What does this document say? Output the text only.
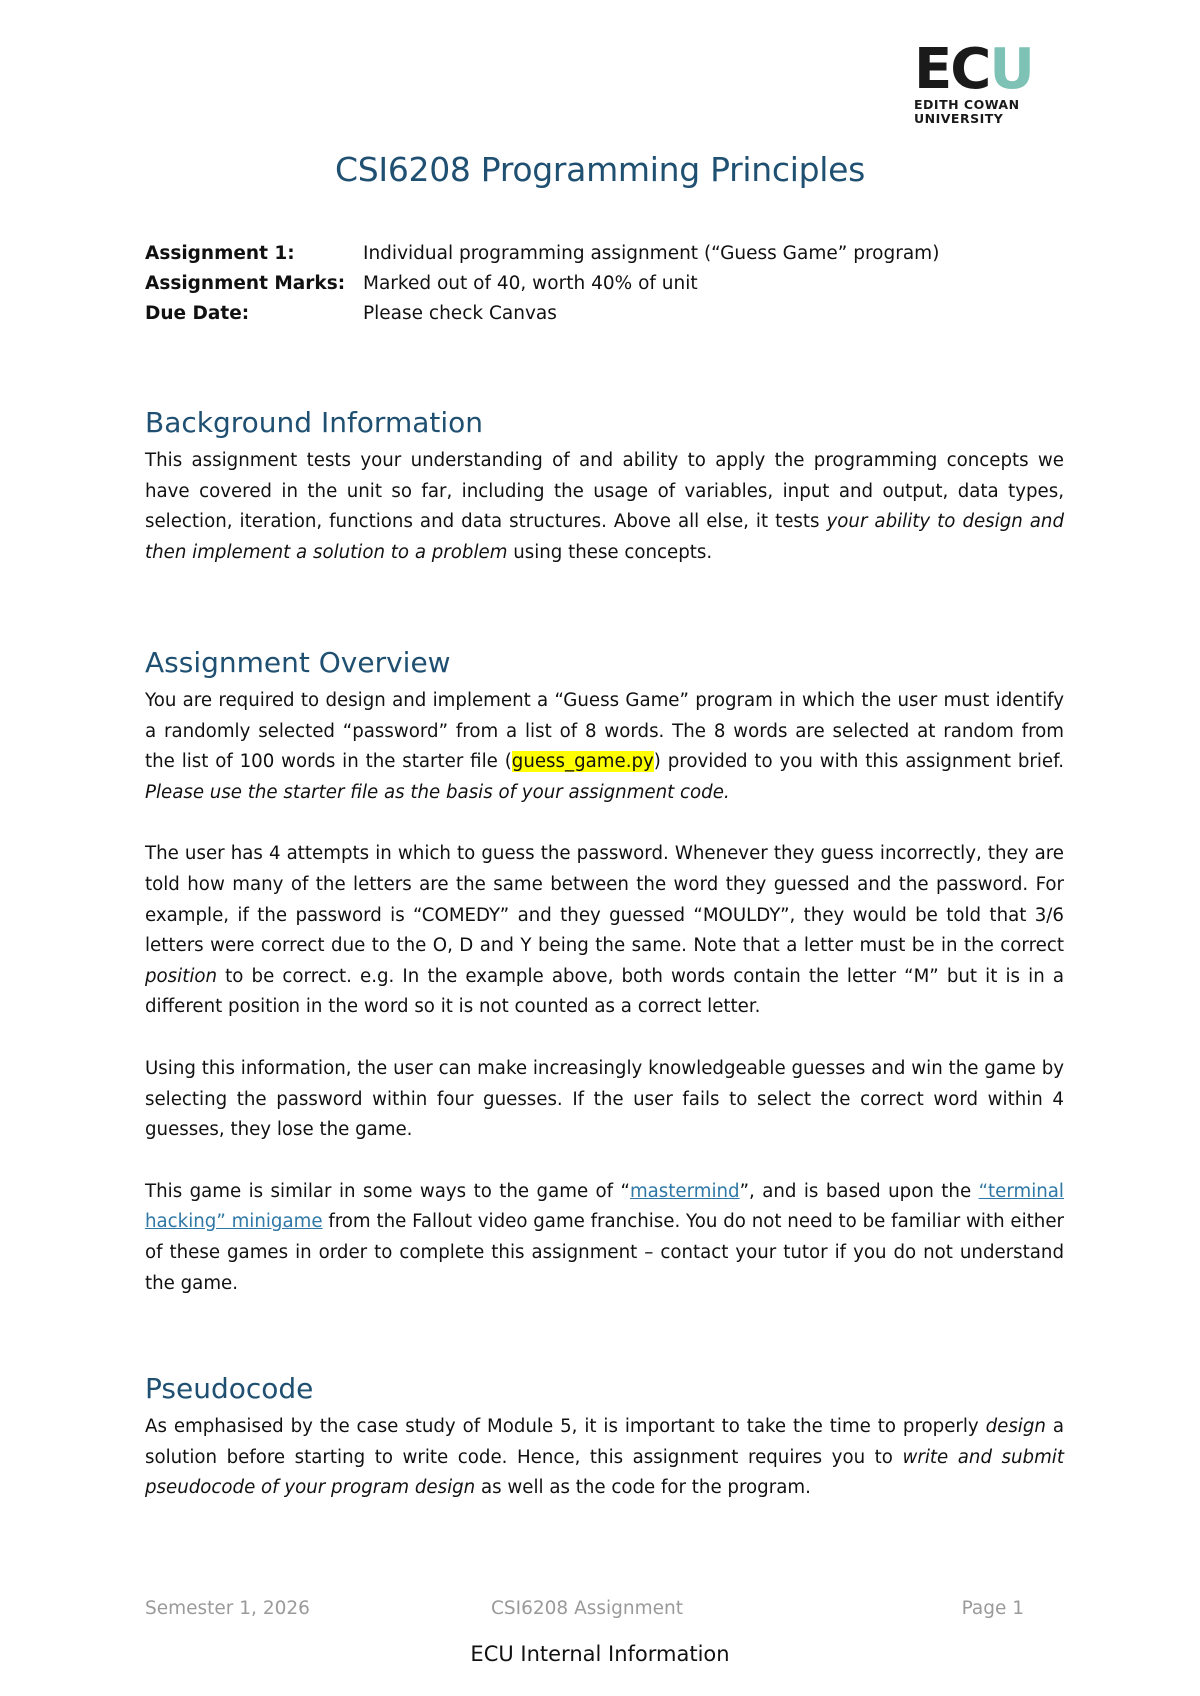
EC U
EDITH COWAN
UNIVERSITY
CSI6208 Programming Principles
Assignment 1:	Individual programming assignment (“Guess Game” program)
Assignment Marks: Marked out of 40, worth 40% of unit
Due Date:	Please check Canvas
Background Information

This assignment tests your understanding of and ability to apply the programming concepts we have covered in the unit so far, including the usage of variables, input and output, data types, selection, iteration, functions and data structures. Above all else, it tests your ability to design and then implement a solution to a problem using these concepts.

Assignment Overview

You are required to design and implement a “Guess Game” program in which the user must identify a randomly selected “password” from a list of 8 words. The 8 words are selected at random from the list of 100 words in the starter file (guess_game.py) provided to you with this assignment brief. Please use the starter file as the basis of your assignment code.

The user has 4 attempts in which to guess the password. Whenever they guess incorrectly, they are told how many of the letters are the same between the word they guessed and the password. For example, if the password is “COMEDY” and they guessed “MOULDY”, they would be told that 3/6 letters were correct due to the O, D and Y being the same. Note that a letter must be in the correct position to be correct. e.g. In the example above, both words contain the letter “M” but it is in a different position in the word so it is not counted as a correct letter.

Using this information, the user can make increasingly knowledgeable guesses and win the game by selecting the password within four guesses. If the user fails to select the correct word within 4 guesses, they lose the game.

This game is similar in some ways to the game of “mastermind”, and is based upon the “terminal hacking” minigame from the Fallout video game franchise. You do not need to be familiar with either of these games in order to complete this assignment – contact your tutor if you do not understand the game.

Pseudocode

As emphasised by the case study of Module 5, it is important to take the time to properly design a solution before starting to write code. Hence, this assignment requires you to write and submit pseudocode of your program design as well as the code for the program.

Semester 1, 2026	CSI6208 Assignment	Page 1
ECU Internal Information
